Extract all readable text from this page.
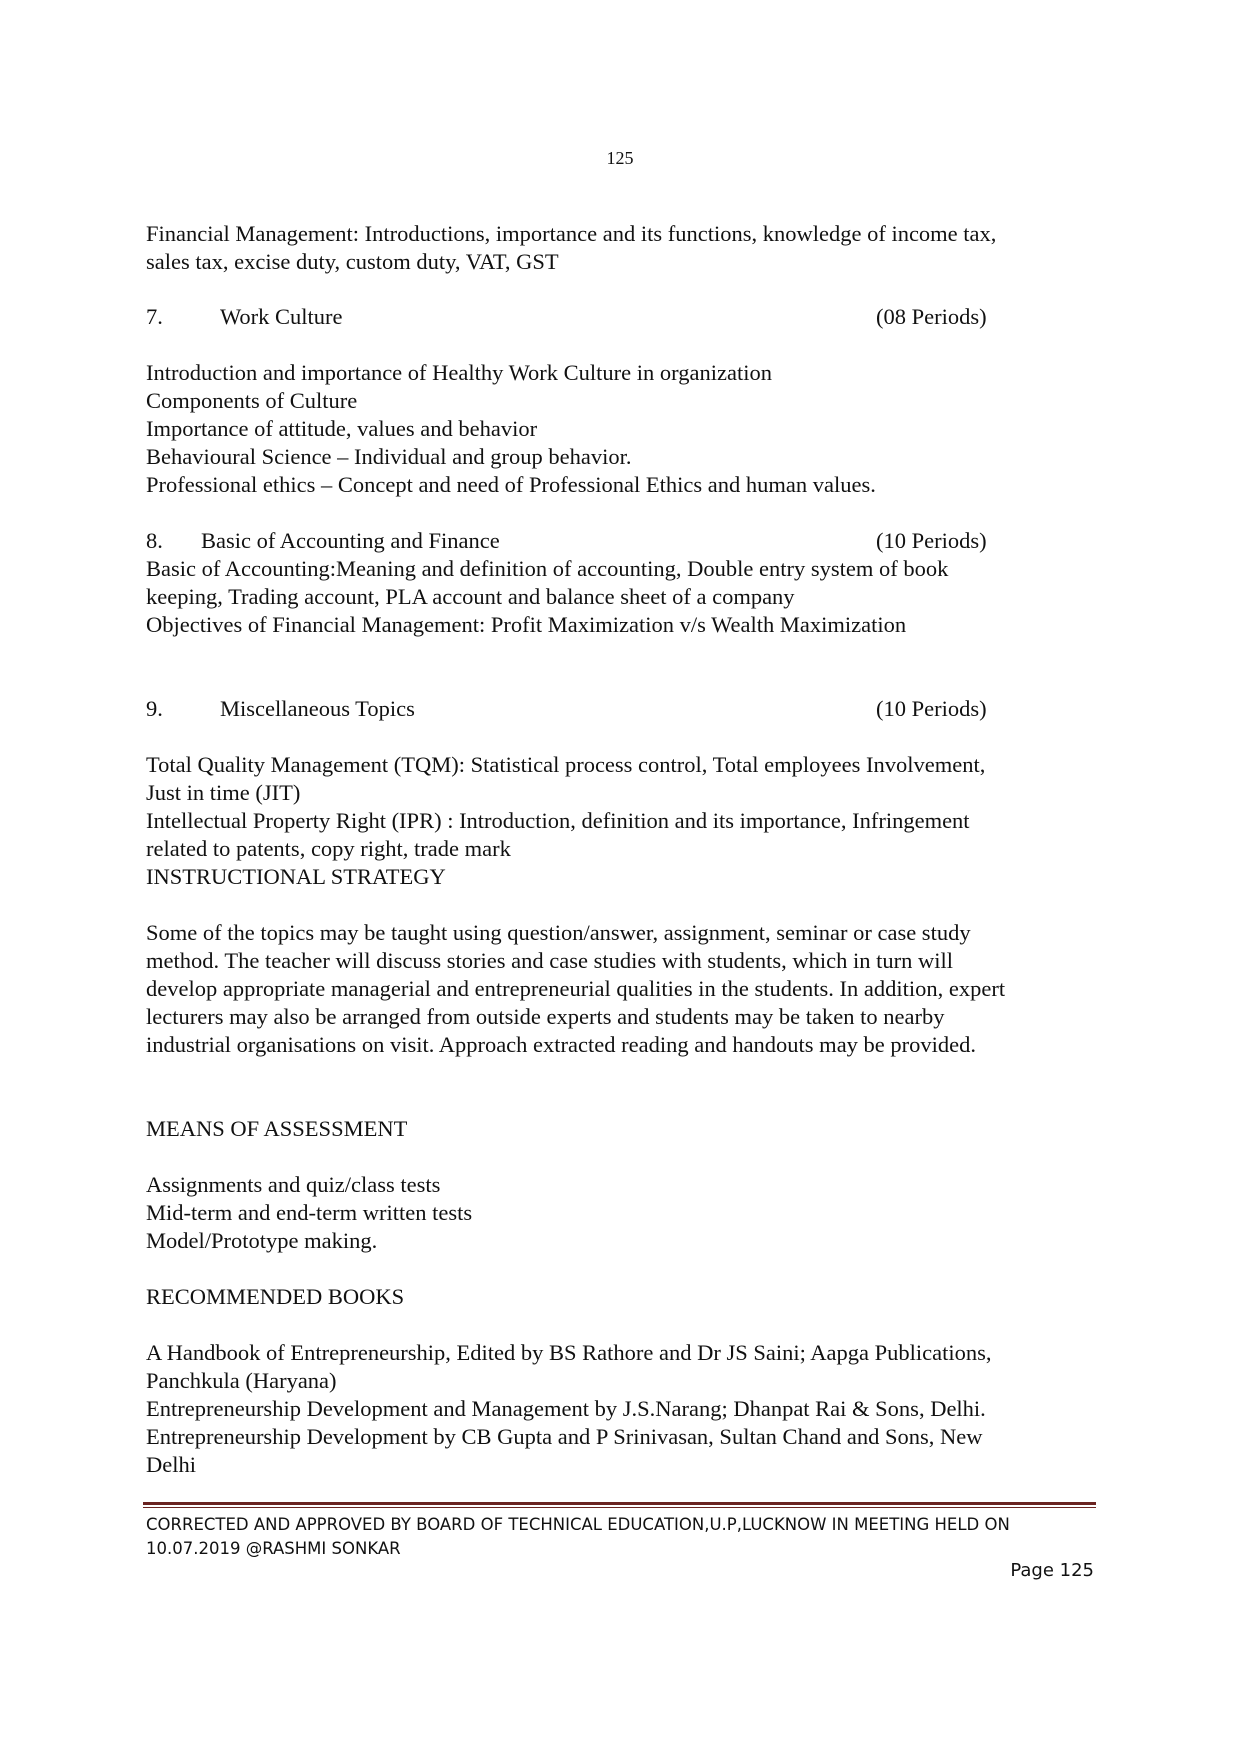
125
Financial Management: Introductions, importance and its functions, knowledge of income tax,
sales tax, excise duty, custom duty, VAT, GST
7.	Work Culture	(08 Periods)
Introduction and importance of Healthy Work Culture in organization
Components of Culture
Importance of attitude, values and behavior
Behavioural Science – Individual and group behavior.
Professional ethics – Concept and need of Professional Ethics and human values.
8. Basic of Accounting and Finance	(10 Periods)
Basic of Accounting:Meaning and definition of accounting, Double entry system of book
keeping, Trading account, PLA account and balance sheet of a company
Objectives of Financial Management: Profit Maximization v/s Wealth Maximization
9.	Miscellaneous Topics	(10 Periods)
Total Quality Management (TQM): Statistical process control, Total employees Involvement,
Just in time (JIT)
Intellectual Property Right (IPR) : Introduction, definition and its importance, Infringement
related to patents, copy right, trade mark
INSTRUCTIONAL STRATEGY
Some of the topics may be taught using question/answer, assignment, seminar or case study
method. The teacher will discuss stories and case studies with students, which in turn will
develop appropriate managerial and entrepreneurial qualities in the students. In addition, expert
lecturers may also be arranged from outside experts and students may be taken to nearby
industrial organisations on visit. Approach extracted reading and handouts may be provided.
MEANS OF ASSESSMENT
Assignments and quiz/class tests
Mid-term and end-term written tests
Model/Prototype making.
RECOMMENDED BOOKS
A Handbook of Entrepreneurship, Edited by BS Rathore and Dr JS Saini; Aapga Publications,
Panchkula (Haryana)
Entrepreneurship Development and Management by J.S.Narang; Dhanpat Rai & Sons, Delhi.
Entrepreneurship Development by CB Gupta and P Srinivasan, Sultan Chand and Sons, New
Delhi
CORRECTED AND APPROVED BY BOARD OF TECHNICAL EDUCATION,U.P,LUCKNOW IN MEETING HELD ON
10.07.2019 @RASHMI SONKAR
Page 125
